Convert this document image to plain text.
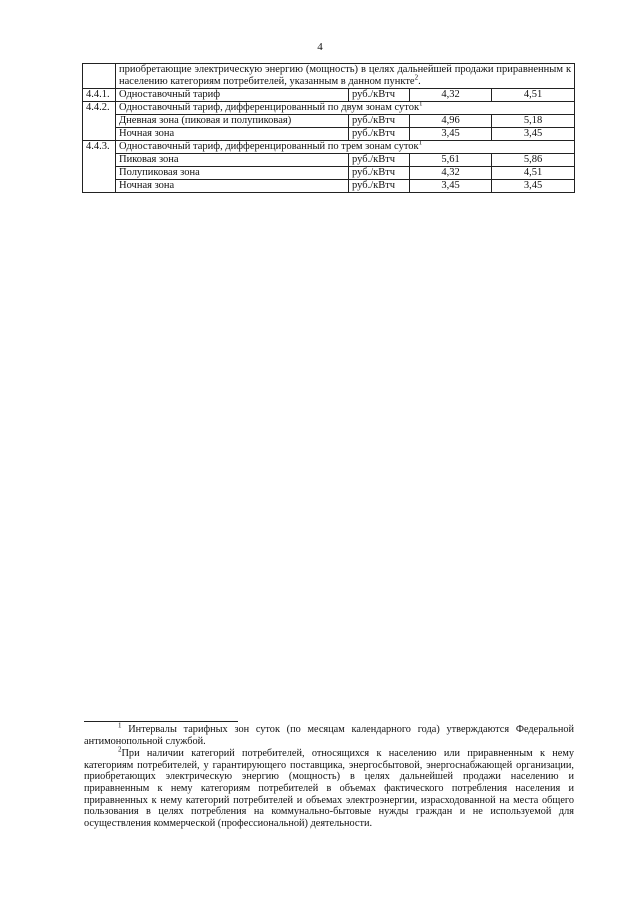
4
	приобретающие электрическую энергию (мощность) в целях дальнейшей продажи приравненным к населению категориям потребителей, указанным в данном пункте$^2$.			
4.4.1.	Одноставочный тариф	руб./кВтч	4,32	4,51
4.4.2.	Одноставочный тариф, дифференцированный по двум зонам суток$^1$
	Дневная зона (пиковая и полупиковая)	руб./кВтч	4,96	5,18
	Ночная зона	руб./кВтч	3,45	3,45
4.4.3.	Одноставочный тариф, дифференцированный по трем зонам суток$^1$
	Пиковая зона	руб./кВтч	5,61	5,86
	Полупиковая зона	руб./кВтч	4,32	4,51
	Ночная зона	руб./кВтч	3,45	3,45

$^1$ Интервалы тарифных зон суток (по месяцам календарного года) утверждаются Федеральной антимонопольной службой.

$^2$При наличии категорий потребителей, относящихся к населению или приравненным к нему категориям потребителей, у гарантирующего поставщика, энергосбытовой, энергоснабжающей организации, приобретающих электрическую энергию (мощность) в целях дальнейшей продажи населению и приравненным к нему категориям потребителей в объемах фактического потребления населения и приравненных к нему категорий потребителей и объемах электроэнергии, израсходованной на места общего пользования в целях потребления на коммунально-бытовые нужды граждан и не используемой для осуществления коммерческой (профессиональной) деятельности.
